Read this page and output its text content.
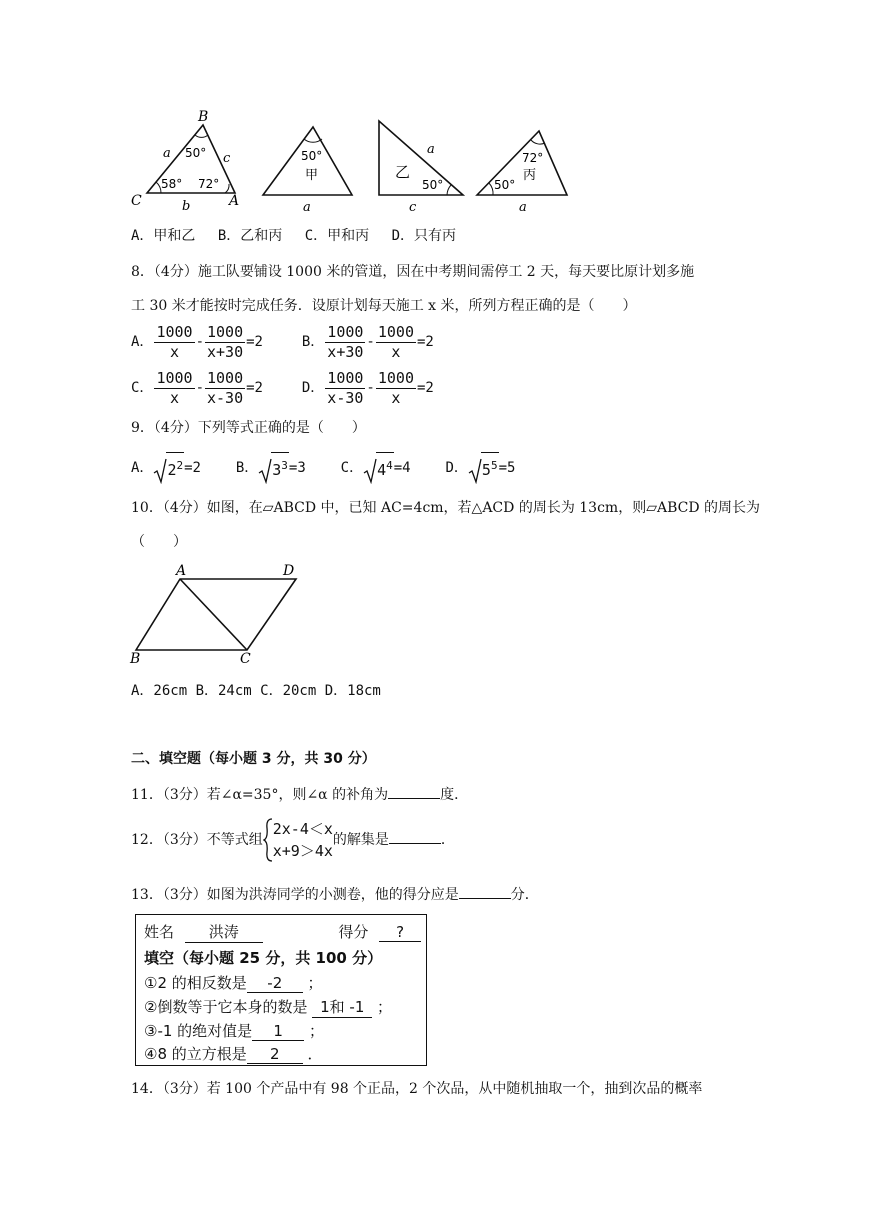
B
C	A
a	c
b
50°
58° 72°
50°
甲
a
乙
50°
a
c
72°
丙
50°
a
A．甲和乙　 B．乙和丙　 C．甲和丙　 D．只有丙
8．（4分）施工队要铺设 1000 米的管道，因在中考期间需停工 2 天，每天要比原计划多施
工 30 米才能按时完成任务．设原计划每天施工 x 米，所列方程正确的是（　　）
A． $\frac{1000}{x} - \frac{1000}{x+30} =2$	B． $\frac{1000}{x+30} - \frac{1000}{x} =2$
C． $\frac{1000}{x} - \frac{1000}{x-30} =2$	D． $\frac{1000}{x-30} - \frac{1000}{x} =2$
9．（4分）下列等式正确的是（　　）
A． $2^2=2$ B． $3^3=3$ C． $4^4=4$ D． $5^5=5$
10．（4分）如图，在▱ABCD 中，已知 AC=4cm，若△ACD 的周长为 13cm，则▱ABCD 的周长为
（　　）
A	D
B	C
A．26cm B．24cm C．20cm D．18cm
二、填空题（每小题 3 分，共 30 分）
11．（3分）若∠α=35°，则∠α 的补角为	度．
12．（3分）不等式组
2x-4＜x
x+9＞4x
的解集是	．
13．（3分）如图为洪涛同学的小测卷，他的得分应是	分．
姓名 洪涛	得分 ?
填空（每小题 25 分，共 100 分）
①2 的相反数是 -2 ；
②倒数等于它本身的数是 1和 -1 ；
③-1 的绝对值是 1 ；
④8 的立方根是 2 ．
14．（3分）若 100 个产品中有 98 个正品，2 个次品，从中随机抽取一个，抽到次品的概率
